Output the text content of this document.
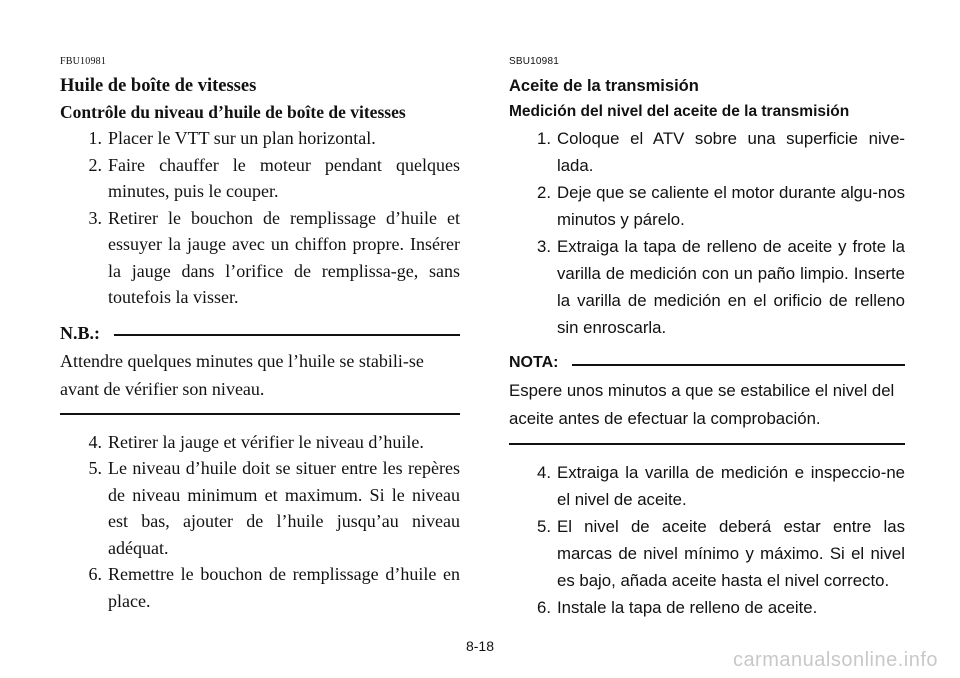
FBU10981
Huile de boîte de vitesses
Contrôle du niveau d’huile de boîte de vitesses
1. Placer le VTT sur un plan horizontal.
2. Faire chauffer le moteur pendant quelques minutes, puis le couper.
3. Retirer le bouchon de remplissage d’huile et essuyer la jauge avec un chiffon propre. Insérer la jauge dans l’orifice de remplissa-ge, sans toutefois la visser.
N.B.:
Attendre quelques minutes que l’huile se stabili-se avant de vérifier son niveau.
4. Retirer la jauge et vérifier le niveau d’huile.
5. Le niveau d’huile doit se situer entre les repères de niveau minimum et maximum. Si le niveau est bas, ajouter de l’huile jusqu’au niveau adéquat.
6. Remettre le bouchon de remplissage d’huile en place.
SBU10981
Aceite de la transmisión
Medición del nivel del aceite de la transmisión
1. Coloque el ATV sobre una superficie nive-lada.
2. Deje que se caliente el motor durante algu-nos minutos y párelo.
3. Extraiga la tapa de relleno de aceite y frote la varilla de medición con un paño limpio. Inserte la varilla de medición en el orificio de relleno sin enroscarla.
NOTA:
Espere unos minutos a que se estabilice el nivel del aceite antes de efectuar la comprobación.
4. Extraiga la varilla de medición e inspeccio-ne el nivel de aceite.
5. El nivel de aceite deberá estar entre las marcas de nivel mínimo y máximo. Si el nivel es bajo, añada aceite hasta el nivel correcto.
6. Instale la tapa de relleno de aceite.
8-18
carmanualsonline.info
